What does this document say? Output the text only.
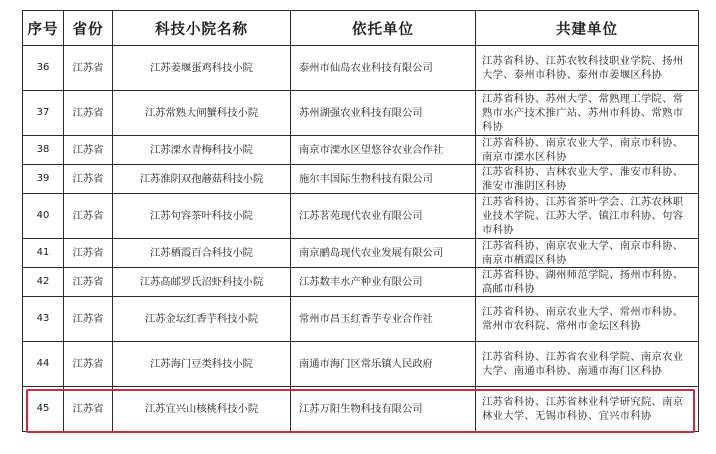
序号	省份	科技小院名称	依托单位	共建单位
36	江苏省	江苏姜堰蛋鸡科技小院	泰州市仙岛农业科技有限公司	江苏省科协、江苏农牧科技职业学院、扬州大学、泰州市科协、泰州市姜堰区科协
37	江苏省	江苏常熟大闸蟹科技小院	苏州湖强农业科技有限公司	江苏省科协、苏州大学、常熟理工学院、常熟市水产技术推广站、苏州市科协、常熟市科协
38	江苏省	江苏溧水青梅科技小院	南京市溧水区望悠谷农业合作社	江苏省科协、南京农业大学、南京市科协、南京市溧水区科协
39	江苏省	江苏淮阴双孢蘑菇科技小院	施尔丰国际生物科技有限公司	江苏省科协、吉林农业大学、淮安市科协、淮安市淮阴区科协
40	江苏省	江苏句容茶叶科技小院	江苏茗苑现代农业有限公司	江苏省科协、江苏省茶叶学会、江苏农林职业技术学院、江苏大学、镇江市科协、句容市科协
41	江苏省	江苏栖霞百合科技小院	南京鹂岛现代农业发展有限公司	江苏省科协、南京农业大学、南京市科协、南京市栖霞区科协
42	江苏省	江苏高邮罗氏沼虾科技小院	江苏数丰水产种业有限公司	江苏省科协、湖州师范学院、扬州市科协、高邮市科协
43	江苏省	江苏金坛红香芋科技小院	常州市昌玉红香芋专业合作社	江苏省科协、南京农业大学、常州市科协、常州市农科院、常州市金坛区科协
44	江苏省	江苏海门豆类科技小院	南通市海门区常乐镇人民政府	江苏省科协、江苏省农业科学院、南京农业大学、南通市科协、南通市海门区科协
45	江苏省	江苏宜兴山核桃科技小院	江苏万阳生物科技有限公司	江苏省科协、江苏省林业科学研究院、南京林业大学、无锡市科协、宜兴市科协
